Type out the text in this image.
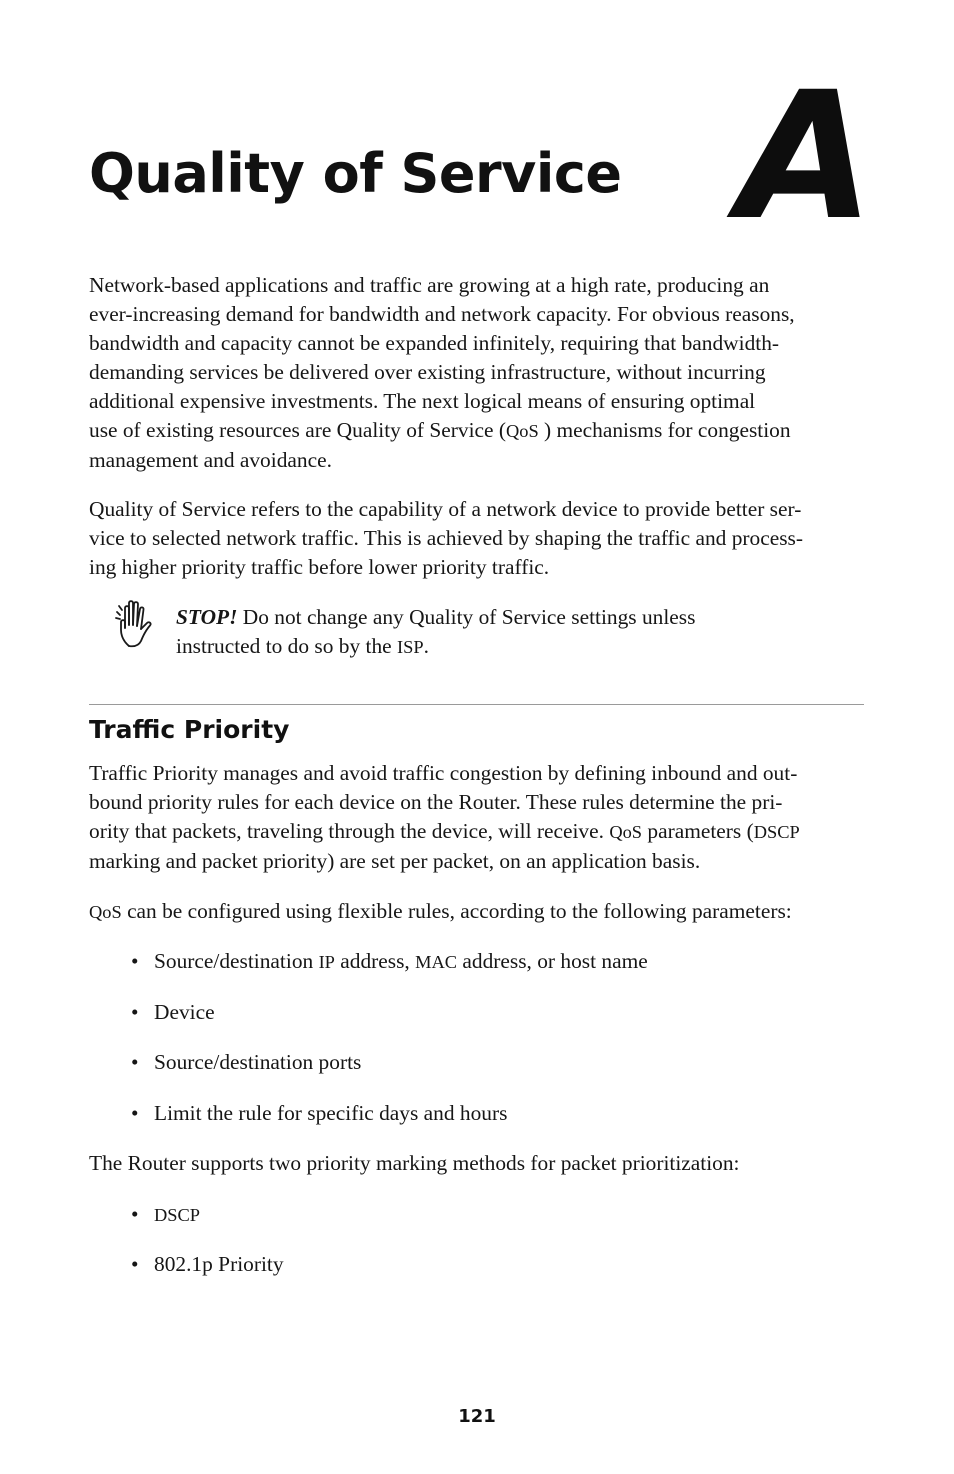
Quality of Service A

Network-based applications and traffic are growing at a high rate, producing an
ever-increasing demand for bandwidth and network capacity. For obvious reasons,
bandwidth and capacity cannot be expanded infinitely, requiring that bandwidth-
demanding services be delivered over existing infrastructure, without incurring
additional expensive investments. The next logical means of ensuring optimal
use of existing resources are Quality of Service (QoS ) mechanisms for congestion
management and avoidance.

Quality of Service refers to the capability of a network device to provide better ser-
vice to selected network traffic. This is achieved by shaping the traffic and process-
ing higher priority traffic before lower priority traffic.

STOP! Do not change any Quality of Service settings unless
instructed to do so by the ISP.

Traffic Priority

Traffic Priority manages and avoid traffic congestion by defining inbound and out-
bound priority rules for each device on the Router. These rules determine the pri-
ority that packets, traveling through the device, will receive. QoS parameters (DSCP
marking and packet priority) are set per packet, on an application basis.

QoS can be configured using flexible rules, according to the following parameters:

• Source/destination IP address, MAC address, or host name
• Device
• Source/destination ports
• Limit the rule for specific days and hours

The Router supports two priority marking methods for packet prioritization:

• DSCP
• 802.1p Priority
121
